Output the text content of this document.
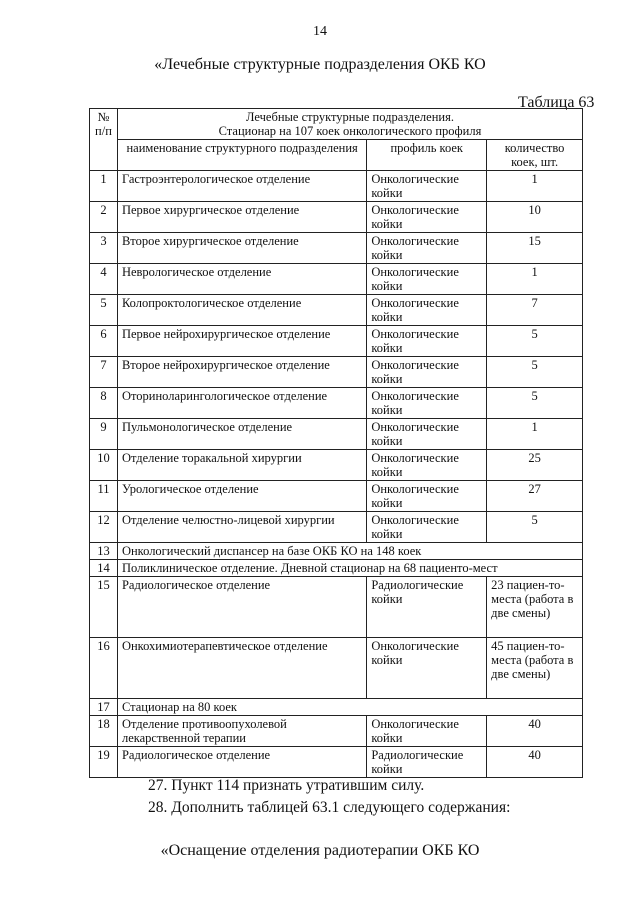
14
«Лечебные структурные подразделения ОКБ КО
Таблица 63
№ п/п	Лечебные структурные подразделения.
Стационар на 107 коек онкологического профиля		

	наименование структурного подразделения	профиль коек	количество коек, шт.
1	Гастроэнтерологическое отделение	Онкологические койки	1
2	Первое хирургическое отделение	Онкологические койки	10
3	Второе хирургическое отделение	Онкологические койки	15
4	Неврологическое отделение	Онкологические койки	1
5	Колопроктологическое отделение	Онкологические койки	7
6	Первое нейрохирургическое отделение	Онкологические койки	5
7	Второе нейрохирургическое отделение	Онкологические койки	5
8	Оториноларингологическое отделение	Онкологические койки	5
9	Пульмонологическое отделение	Онкологические койки	1
10	Отделение торакальной хирургии	Онкологические койки	25
11	Урологическое отделение	Онкологические койки	27
12	Отделение челюстно-лицевой хирургии	Онкологические койки	5
13	Онкологический диспансер на базе ОКБ КО на 148 коек		
14	Поликлиническое отделение. Дневной стационар на 68 пациенто-мест		
15	Радиологическое отделение	Радиологические койки	23 пациен-то-места (работа в две смены)
16	Онкохимиотерапевтическое отделение	Онкологические койки	45 пациен-то-места (работа в две смены)
17	Стационар на 80 коек		
18	Отделение противоопухолевой лекарственной терапии	Онкологические койки	40
19	Радиологическое отделение	Радиологические койки	40
27. Пункт 114 признать утратившим силу.
28. Дополнить таблицей 63.1 следующего содержания:
«Оснащение отделения радиотерапии ОКБ КО
